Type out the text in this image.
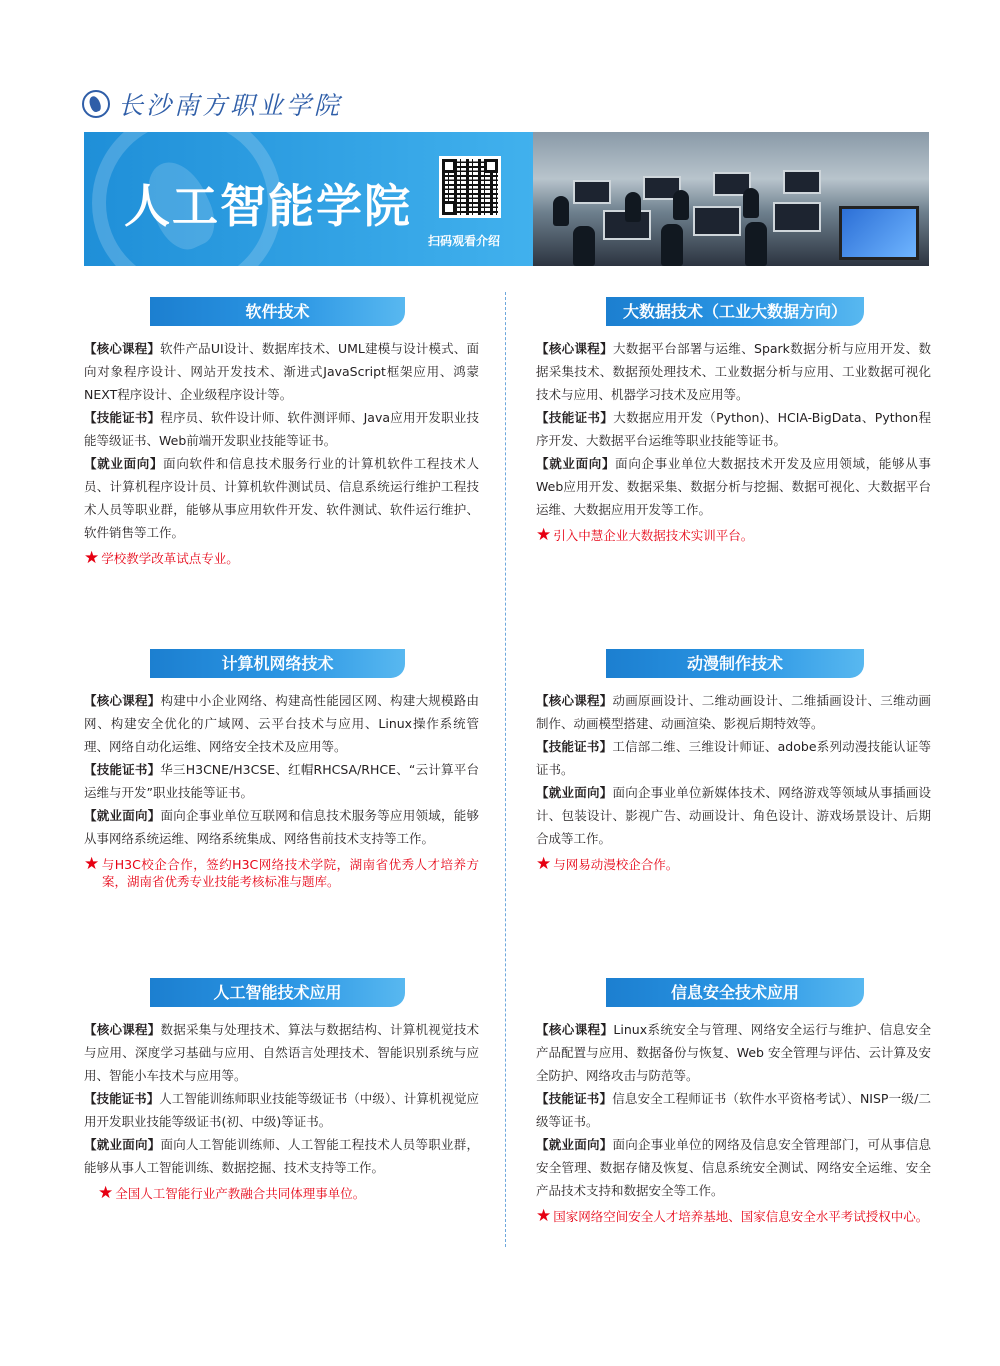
长沙南方职业学院
人工智能学院
扫码观看介绍
软件技术

【核心课程】软件产品UI设计、数据库技术、UML建模与设计模式、面向对象程序设计、网站开发技术、渐进式JavaScript框架应用、鸿蒙NEXT程序设计、企业级程序设计等。

【技能证书】程序员、软件设计师、软件测评师、Java应用开发职业技能等级证书、Web前端开发职业技能等证书。

【就业面向】面向软件和信息技术服务行业的计算机软件工程技术人员、计算机程序设计员、计算机软件测试员、信息系统运行维护工程技术人员等职业群，能够从事应用软件开发、软件测试、软件运行维护、软件销售等工作。

★ 学校教学改革试点专业。
大数据技术（工业大数据方向）

【核心课程】大数据平台部署与运维、Spark数据分析与应用开发、数据采集技术、数据预处理技术、工业数据分析与应用、工业数据可视化技术与应用、机器学习技术及应用等。

【技能证书】大数据应用开发（Python)、HCIA-BigData、Python程序开发、大数据平台运维等职业技能等证书。

【就业面向】面向企事业单位大数据技术开发及应用领域，能够从事Web应用开发、数据采集、数据分析与挖掘、数据可视化、大数据平台运维、大数据应用开发等工作。

★ 引入中慧企业大数据技术实训平台。
计算机网络技术

【核心课程】构建中小企业网络、构建高性能园区网、构建大规模路由网、构建安全优化的广域网、云平台技术与应用、Linux操作系统管理、网络自动化运维、网络安全技术及应用等。

【技能证书】华三H3CNE/H3CSE、红帽RHCSA/RHCE、“云计算平台运维与开发”职业技能等证书。

【就业面向】面向企事业单位互联网和信息技术服务等应用领域，能够从事网络系统运维、网络系统集成、网络售前技术支持等工作。

★ 与H3C校企合作，签约H3C网络技术学院，湖南省优秀人才培养方案，湖南省优秀专业技能考核标准与题库。
动漫制作技术

【核心课程】动画原画设计、二维动画设计、二维插画设计、三维动画制作、动画模型搭建、动画渲染、影视后期特效等。

【技能证书】工信部二维、三维设计师证、adobe系列动漫技能认证等证书。

【就业面向】面向企事业单位新媒体技术、网络游戏等领域从事插画设计、包装设计、影视广告、动画设计、角色设计、游戏场景设计、后期合成等工作。

★ 与网易动漫校企合作。
人工智能技术应用

【核心课程】数据采集与处理技术、算法与数据结构、计算机视觉技术与应用、深度学习基础与应用、自然语言处理技术、智能识别系统与应用、智能小车技术与应用等。

【技能证书】人工智能训练师职业技能等级证书（中级）、计算机视觉应用开发职业技能等级证书(初、中级)等证书。

【就业面向】面向人工智能训练师、人工智能工程技术人员等职业群，能够从事人工智能训练、数据挖掘、技术支持等工作。

★ 全国人工智能行业产教融合共同体理事单位。
信息安全技术应用

【核心课程】Linux系统安全与管理、网络安全运行与维护、信息安全产品配置与应用、数据备份与恢复、Web 安全管理与评估、云计算及安全防护、网络攻击与防范等。

【技能证书】信息安全工程师证书（软件水平资格考试）、NISP一级/二级等证书。

【就业面向】面向企事业单位的网络及信息安全管理部门，可从事信息安全管理、数据存储及恢复、信息系统安全测试、网络安全运维、安全产品技术支持和数据安全等工作。

★ 国家网络空间安全人才培养基地、国家信息安全水平考试授权中心。
